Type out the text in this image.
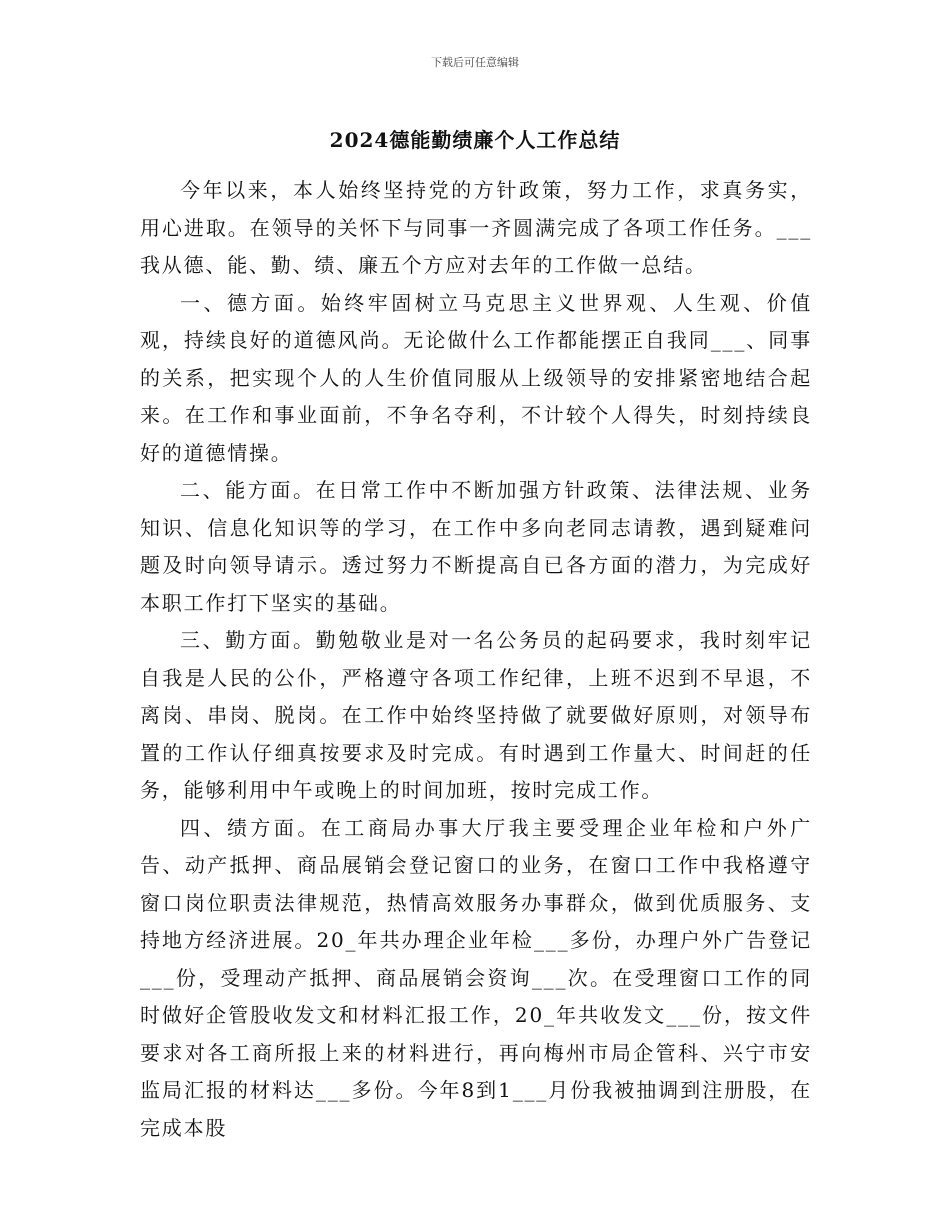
下载后可任意编辑
2024德能勤绩廉个人工作总结

今年以来，本人始终坚持党的方针政策，努力工作，求真务实，用心进取。在领导的关怀下与同事一齐圆满完成了各项工作任务。___我从德、能、勤、绩、廉五个方应对去年的工作做一总结。

一、德方面。始终牢固树立马克思主义世界观、人生观、价值观，持续良好的道德风尚。无论做什么工作都能摆正自我同___、同事的关系，把实现个人的人生价值同服从上级领导的安排紧密地结合起来。在工作和事业面前，不争名夺利，不计较个人得失，时刻持续良好的道德情操。

二、能方面。在日常工作中不断加强方针政策、法律法规、业务知识、信息化知识等的学习，在工作中多向老同志请教，遇到疑难问题及时向领导请示。透过努力不断提高自已各方面的潜力，为完成好本职工作打下坚实的基础。

三、勤方面。勤勉敬业是对一名公务员的起码要求，我时刻牢记自我是人民的公仆，严格遵守各项工作纪律，上班不迟到不早退，不离岗、串岗、脱岗。在工作中始终坚持做了就要做好原则，对领导布置的工作认仔细真按要求及时完成。有时遇到工作量大、时间赶的任务，能够利用中午或晚上的时间加班，按时完成工作。

四、绩方面。在工商局办事大厅我主要受理企业年检和户外广告、动产抵押、商品展销会登记窗口的业务，在窗口工作中我格遵守窗口岗位职责法律规范，热情高效服务办事群众，做到优质服务、支持地方经济进展。20_年共办理企业年检___多份，办理户外广告登记___份，受理动产抵押、商品展销会资询___次。在受理窗口工作的同时做好企管股收发文和材料汇报工作，20_年共收发文___份，按文件要求对各工商所报上来的材料进行，再向梅州市局企管科、兴宁市安监局汇报的材料达___多份。今年8到1___月份我被抽调到注册股，在完成本股
